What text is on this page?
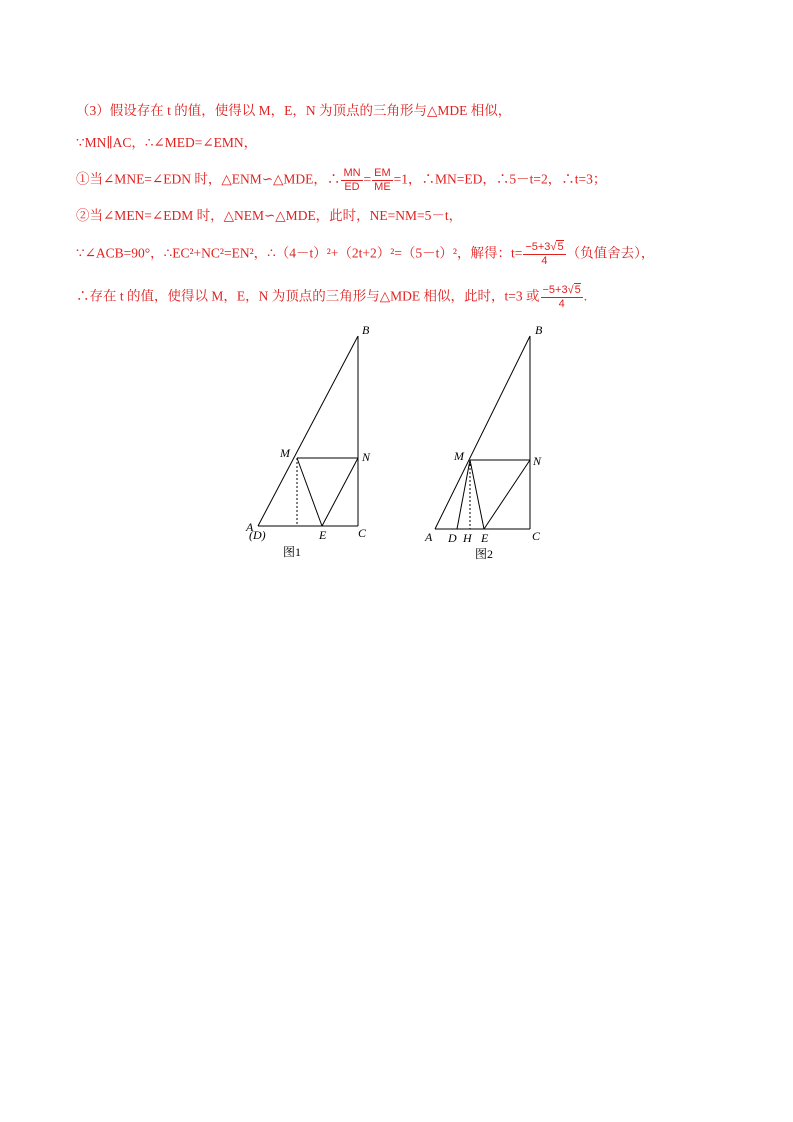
（3）假设存在 t 的值，使得以 M，E，N 为顶点的三角形与△MDE 相似，
∵MN∥AC，∴∠MED=∠EMN，
①当∠MNE=∠EDN 时，△ENM∽△MDE，∴ $\frac{MN}{ED} = \frac{EM}{ME} =1$，∴MN=ED，∴5－t=2，∴t=3；
②当∠MEN=∠EDM 时，△NEM∽△MDE，此时，NE=NM=5－t，
∵∠ACB=90°，∴EC²+NC²=EN²，∴（4－t）²+（2t+2）²=（5－t）²，解得：$t= \frac{-5+3√5}{4}$ （负值舍去），
∴存在 t 的值，使得以 M，E，N 为顶点的三角形与△MDE 相似，此时，t=3 或 $\frac{-5+3√5}{4}$ .
B
M	N
A
(D)	E	C
图1
B
M	N
A D H E	C
图2
